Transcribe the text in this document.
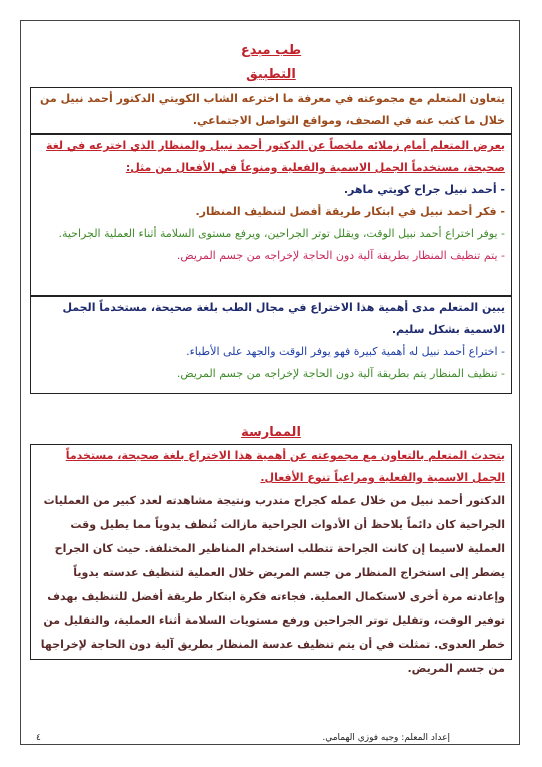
طب مبدع
التطبيق

يتعاون المتعلم مع مجموعته في معرفة ما اخترعه الشاب الكويتي الدكتور أحمد نبيل من خلال ما كتب عنه في الصحف، ومواقع التواصل الاجتماعي.

يعرض المتعلم أمام زملائه ملخصاً عن الدكتور أحمد نبيل والمنظار الذي اخترعه في لغة صحيحة، مستخدماً الجمل الاسمية والفعلية ومنوعاً في الأفعال من مثل:

- أحمد نبيل جراح كويتي ماهر.

- فكر أحمد نبيل في ابتكار طريقة أفضل لتنظيف المنظار.

- يوفر اختراع أحمد نبيل الوقت، ويقلل توتر الجراحين، ويرفع مستوى السلامة أثناء العملية الجراحية.

- يتم تنظيف المنظار بطريقة آلية دون الحاجة لإخراجه من جسم المريض.

يبين المتعلم مدى أهمية هذا الاختراع في مجال الطب بلغة صحيحة، مستخدماً الجمل الاسمية بشكل سليم.

- اختراع أحمد نبيل له أهمية كبيرة فهو يوفر الوقت والجهد على الأطباء.

- تنظيف المنظار يتم بطريقة آلية دون الحاجة لإخراجه من جسم المريض.

الممارسة

يتحدث المتعلم بالتعاون مع مجموعته عن أهمية هذا الاختراع بلغة صحيحة، مستخدماً الجمل الاسمية والفعلية ومراعياً تنوع الأفعال.

الدكتور أحمد نبيل من خلال عمله كجراح متدرب ونتيجة مشاهدته لعدد كبير من العمليات الجراحية كان دائماً يلاحظ أن الأدوات الجراحية مازالت تُنظف يدوياً مما يطيل وقت العملية لاسيما إن كانت الجراحة تتطلب استخدام المناظير المختلفة. حيث كان الجراح يضطر إلى استخراج المنظار من جسم المريض خلال العملية لتنظيف عدسته يدوياً وإعادته مرة أخرى لاستكمال العملية. فجاءته فكرة ابتكار طريقة أفضل للتنظيف بهدف توفير الوقت، وتقليل توتر الجراحين ورفع مستويات السلامة أثناء العملية، والتقليل من خطر العدوى. تمثلت في أن يتم تنظيف عدسة المنظار بطريق آلية دون الحاجة لإخراجها من جسم المريض.

إعداد المعلم: وجيه فوزي الهمامي.
٤
